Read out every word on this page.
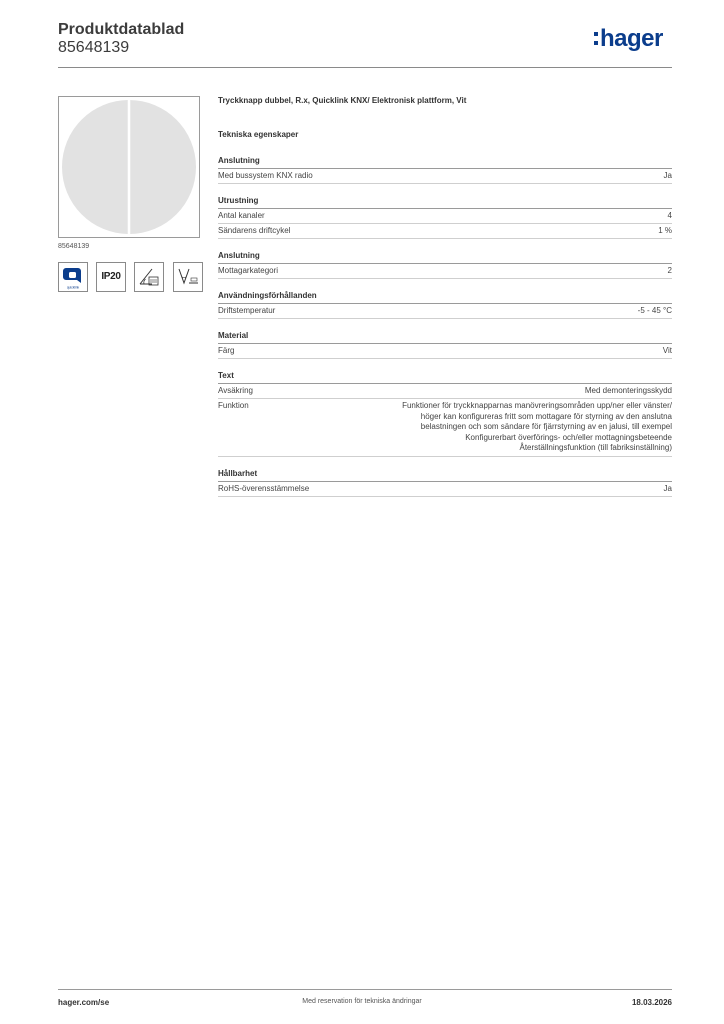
Produktdatablad
85648139	hager
85648139
quicklink
IP20
Tryckknapp dubbel, R.x, Quicklink KNX/ Elektronisk plattform, Vit
Tekniska egenskaper
Anslutning
Med bussystem KNX radio	Ja
Utrustning
Antal kanaler	4
Sändarens driftcykel	1 %
Anslutning
Mottagarkategori	2
Användningsförhållanden
Driftstemperatur	-5 - 45 °C
Material
Färg	Vit
Text
Avsäkring	Med demonteringsskydd
Funktion	Funktioner för tryckknapparnas manövreringsområden upp/ner eller vänster/
höger kan konfigureras fritt som mottagare för styrning av den anslutna
belastningen och som sändare för fjärrstyrning av en jalusi, till exempel
Konfigurerbart överförings- och/eller mottagningsbeteende
Återställningsfunktion (till fabriksinställning)
Hållbarhet
RoHS-överensstämmelse	Ja
hager.com/se	Med reservation för tekniska ändringar	18.03.2026
